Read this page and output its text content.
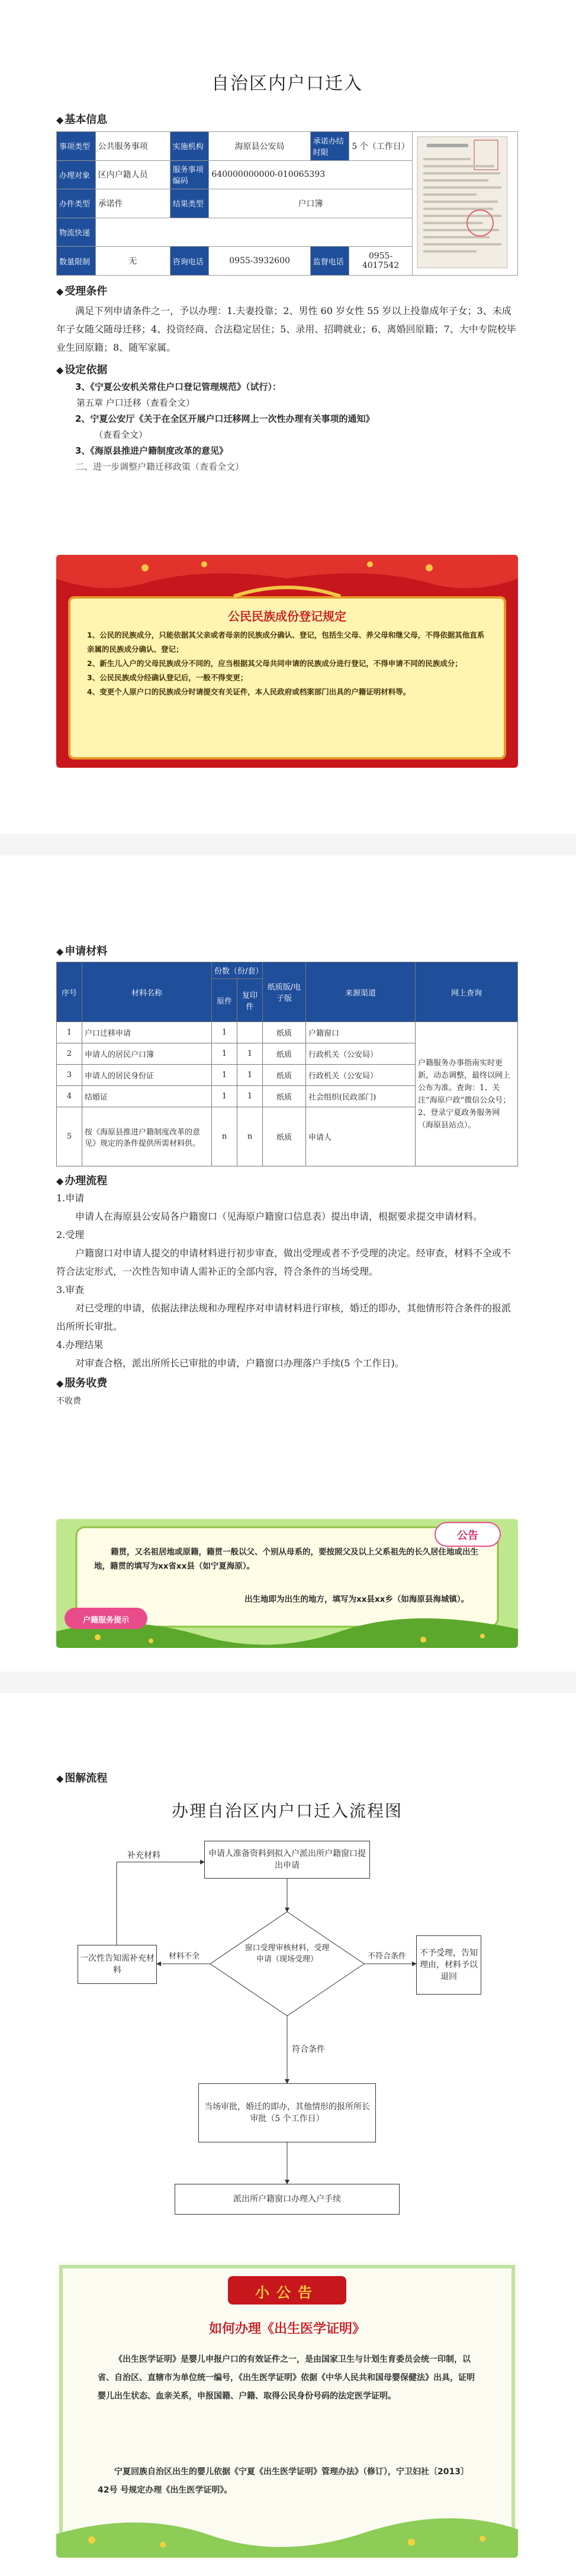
自治区内户口迁入

◆ 基本信息

事项类型	公共服务事项	实施机构	海原县公安局	承诺办结时限	5 个（工作日）	
办理对象	区内户籍人员	服务事项编码	640000000000-010065393			
办件类型	承诺件	结果类型	户口簿			
物流快递						
数量限制	无	咨询电话	0955-3932600	监督电话	0955-4017542	

◆ 受理条件

满足下列申请条件之一，予以办理：1.夫妻投靠；2、男性 60 岁女性 55 岁以上投靠成年子女；3、未成年子女随父随母迁移；4、投资经商、合法稳定居住；5、录用、招聘就业；6、离婚回原籍；7、大中专院校毕业生回原籍；8、随军家属。

◆ 设定依据

3、《宁夏公安机关常住户口登记管理规范》（试行）：

第五章 户口迁移（查看全文）

2、宁夏公安厅《关于在全区开展户口迁移网上一次性办理有关事项的通知》

（查看全文）

3、《海原县推进户籍制度改革的意见》

二、进一步调整户籍迁移政策（查看全文）

公民民族成份登记规定
1、公民的民族成分，只能依据其父亲或者母亲的民族成分确认、登记，包括生父母、养父母和继父母，不得依据其他直系亲属的民族成分确认、登记；
2、新生儿入户的父母民族成分不同的，应当根据其父母共同申请的民族成分进行登记，不得申请不同的民族成分；
3、公民民族成分经确认登记后，一般不得变更；
4、变更个人原户口的民族成分时请提交有关证件，本人民政府或档案部门出具的户籍证明材料等。

◆ 申请材料

序号	材料名称	份数（份/套）		纸质版/电子版	来源渠道	网上查询
		原件	复印件			
1	户口迁移申请	1		纸质	户籍窗口	户籍服务办事指南实时更新，动态调整，最终以网上公布为准。查询：1、关注“海原户政”微信公众号；2、登录宁夏政务服务网（海原县站点）。
2	申请人的居民户口簿	1	1	纸质	行政机关（公安局）	
3	申请人的居民身份证	1	1	纸质	行政机关（公安局）	
4	结婚证	1	1	纸质	社会组织(民政部门)	
5	按《海原县推进户籍制度改革的意见》规定的条件提供所需材料供。	n	n	纸质	申请人	

◆ 办理流程

1.申请

申请人在海原县公安局各户籍窗口（见海原户籍窗口信息表）提出申请，根据要求提交申请材料。

2.受理

户籍窗口对申请人提交的申请材料进行初步审查，做出受理或者不予受理的决定。经审查，材料不全或不符合法定形式，一次性告知申请人需补正的全部内容，符合条件的当场受理。

3.审查

对已受理的申请，依据法律法规和办理程序对申请材料进行审核，婚迁的即办，其他情形符合条件的报派出所所长审批。

4.办理结果

对审查合格，派出所所长已审批的申请，户籍窗口办理落户手续(5 个工作日)。

◆ 服务收费

不收费

公告
户籍服务提示
籍贯，又名祖居地或原籍，籍贯一般以父、个别从母系的，要按照父及以上父系祖先的长久居住地或出生地，籍贯的填写为xx省xx县（如宁夏海原）。
出生地即为出生的地方，填写为xx县xx乡（如海原县海城镇）。

◆ 图解流程

办理自治区内户口迁入流程图
申请人准备资料到拟入户派出所户籍窗口提出申请
补充材料
一次性告知需补充材料
材料不全
窗口受理审核材料，受理申请（现场受理）	不符合条件	不予受理，告知理由，材料予以退回
符合条件
当场审批，婚迁的即办，其他情形的报所所长审批（5 个工作日）
派出所户籍窗口办理入户手续
小公告
如何办理《出生医学证明》
《出生医学证明》是婴儿申报户口的有效证件之一，是由国家卫生与计划生育委员会统一印制，以省、自治区、直辖市为单位统一编号，《出生医学证明》依据《中华人民共和国母婴保健法》出具，证明婴儿出生状态、血亲关系，申报国籍、户籍、取得公民身份号码的法定医学证明。
宁夏回族自治区出生的婴儿依据《宁夏《出生医学证明》管理办法》（修订），宁卫妇社〔2013〕42号 号规定办理《出生医学证明》。
